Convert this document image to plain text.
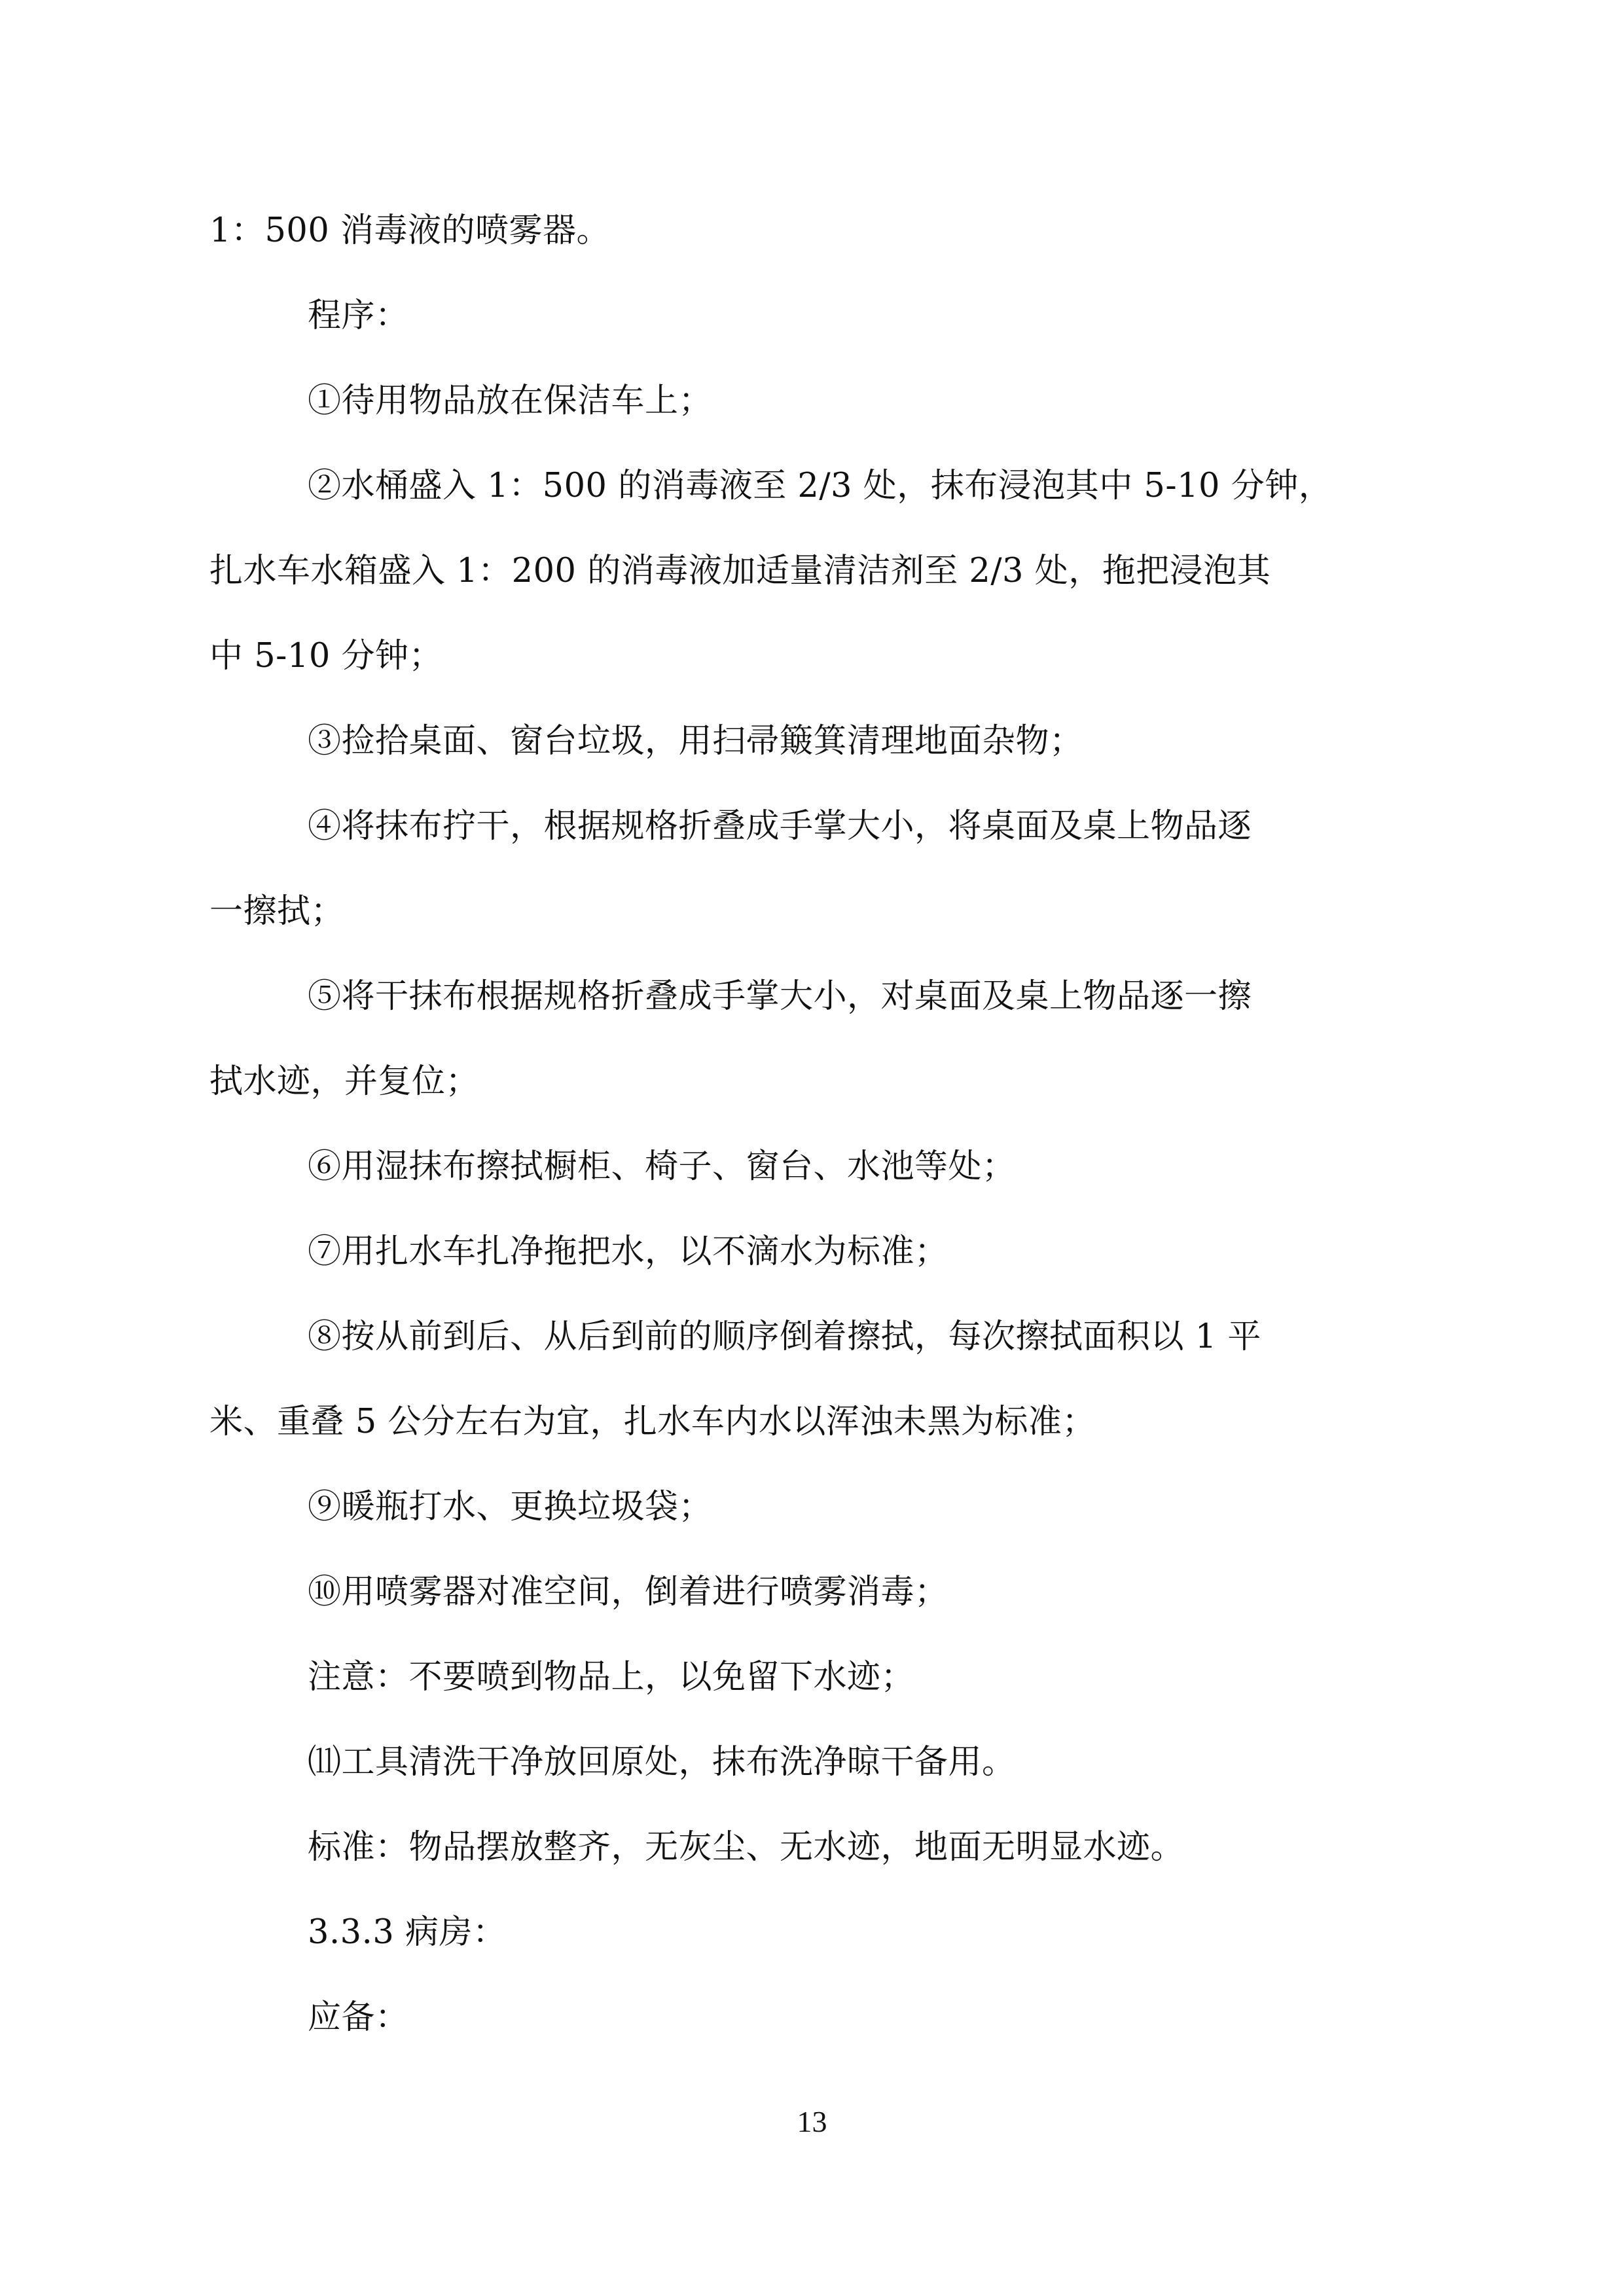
1：500 消毒液的喷雾器。
程序：
①待用物品放在保洁车上；
②水桶盛入 1：500 的消毒液至 2/3 处，抹布浸泡其中 5-10 分钟，
扎水车水箱盛入 1：200 的消毒液加适量清洁剂至 2/3 处，拖把浸泡其
中 5-10 分钟；
③捡拾桌面、窗台垃圾，用扫帚簸箕清理地面杂物；
④将抹布拧干，根据规格折叠成手掌大小，将桌面及桌上物品逐
一擦拭；
⑤将干抹布根据规格折叠成手掌大小，对桌面及桌上物品逐一擦
拭水迹，并复位；
⑥用湿抹布擦拭橱柜、椅子、窗台、水池等处；
⑦用扎水车扎净拖把水，以不滴水为标准；
⑧按从前到后、从后到前的顺序倒着擦拭，每次擦拭面积以 1 平
米、重叠 5 公分左右为宜，扎水车内水以浑浊未黑为标准；
⑨暖瓶打水、更换垃圾袋；
⑩用喷雾器对准空间，倒着进行喷雾消毒；
注意：不要喷到物品上，以免留下水迹；
⑾工具清洗干净放回原处，抹布洗净晾干备用。
标准：物品摆放整齐，无灰尘、无水迹，地面无明显水迹。
3.3.3 病房：
应备：
13
